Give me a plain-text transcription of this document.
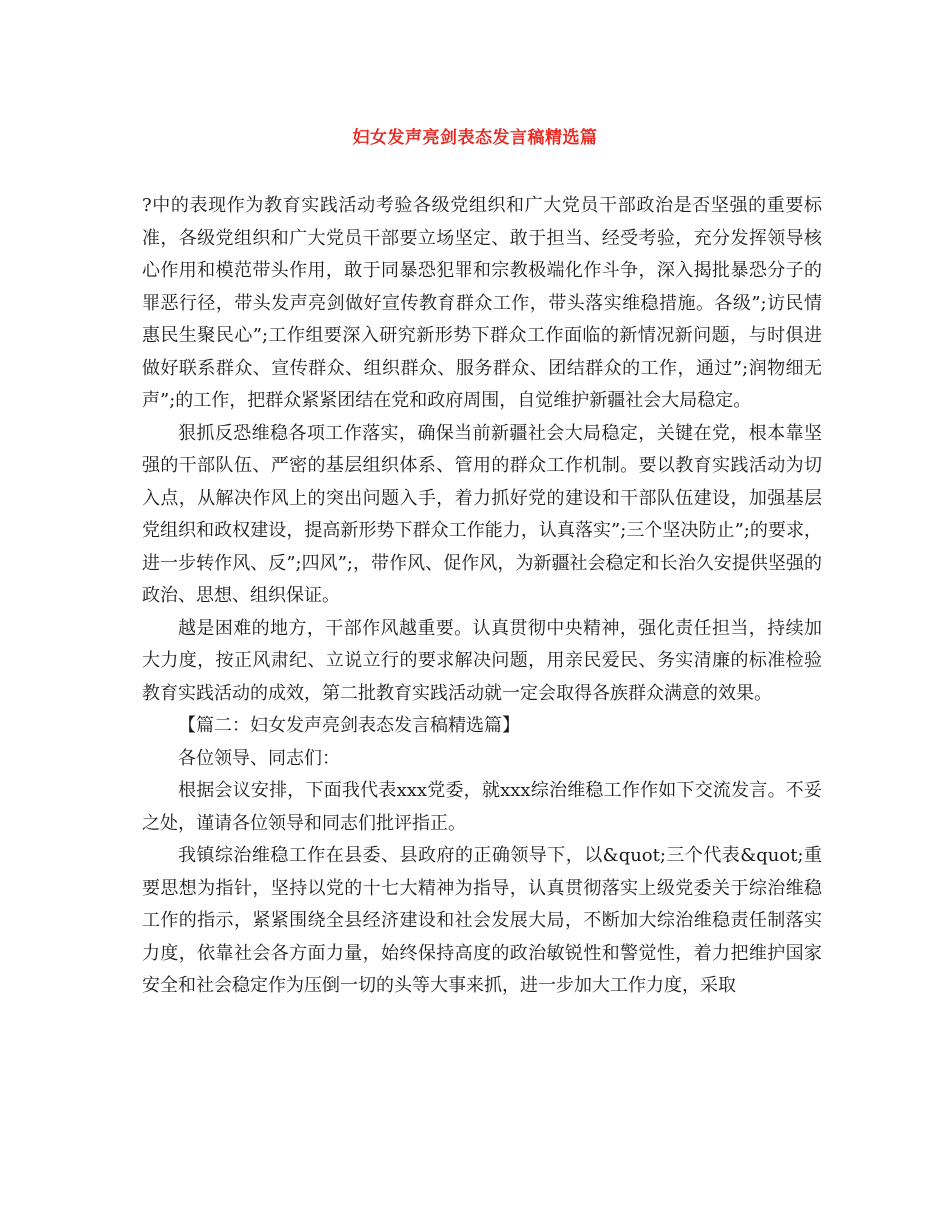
妇女发声亮剑表态发言稿精选篇

?中的表现作为教育实践活动考验各级党组织和广大党员干部政治是否坚强的重要标准，各级党组织和广大党员干部要立场坚定、敢于担当、经受考验，充分发挥领导核心作用和模范带头作用，敢于同暴恐犯罪和宗教极端化作斗争，深入揭批暴恐分子的罪恶行径，带头发声亮剑做好宣传教育群众工作，带头落实维稳措施。各级”;访民情惠民生聚民心”;工作组要深入研究新形势下群众工作面临的新情况新问题，与时俱进做好联系群众、宣传群众、组织群众、服务群众、团结群众的工作，通过”;润物细无声”;的工作，把群众紧紧团结在党和政府周围，自觉维护新疆社会大局稳定。

狠抓反恐维稳各项工作落实，确保当前新疆社会大局稳定，关键在党，根本靠坚强的干部队伍、严密的基层组织体系、管用的群众工作机制。要以教育实践活动为切入点，从解决作风上的突出问题入手，着力抓好党的建设和干部队伍建设，加强基层党组织和政权建设，提高新形势下群众工作能力，认真落实”;三个坚决防止”;的要求，进一步转作风、反”;四风”;，带作风、促作风，为新疆社会稳定和长治久安提供坚强的政治、思想、组织保证。

越是困难的地方，干部作风越重要。认真贯彻中央精神，强化责任担当，持续加大力度，按正风肃纪、立说立行的要求解决问题，用亲民爱民、务实清廉的标准检验教育实践活动的成效，第二批教育实践活动就一定会取得各族群众满意的效果。

【篇二：妇女发声亮剑表态发言稿精选篇】

各位领导、同志们：

根据会议安排，下面我代表xxx党委，就xxx综治维稳工作作如下交流发言。不妥之处，谨请各位领导和同志们批评指正。

我镇综治维稳工作在县委、县政府的正确领导下，以&quot;三个代表&quot;重要思想为指针，坚持以党的十七大精神为指导，认真贯彻落实上级党委关于综治维稳工作的指示，紧紧围绕全县经济建设和社会发展大局，不断加大综治维稳责任制落实力度，依靠社会各方面力量，始终保持高度的政治敏锐性和警觉性，着力把维护国家安全和社会稳定作为压倒一切的头等大事来抓，进一步加大工作力度，采取
